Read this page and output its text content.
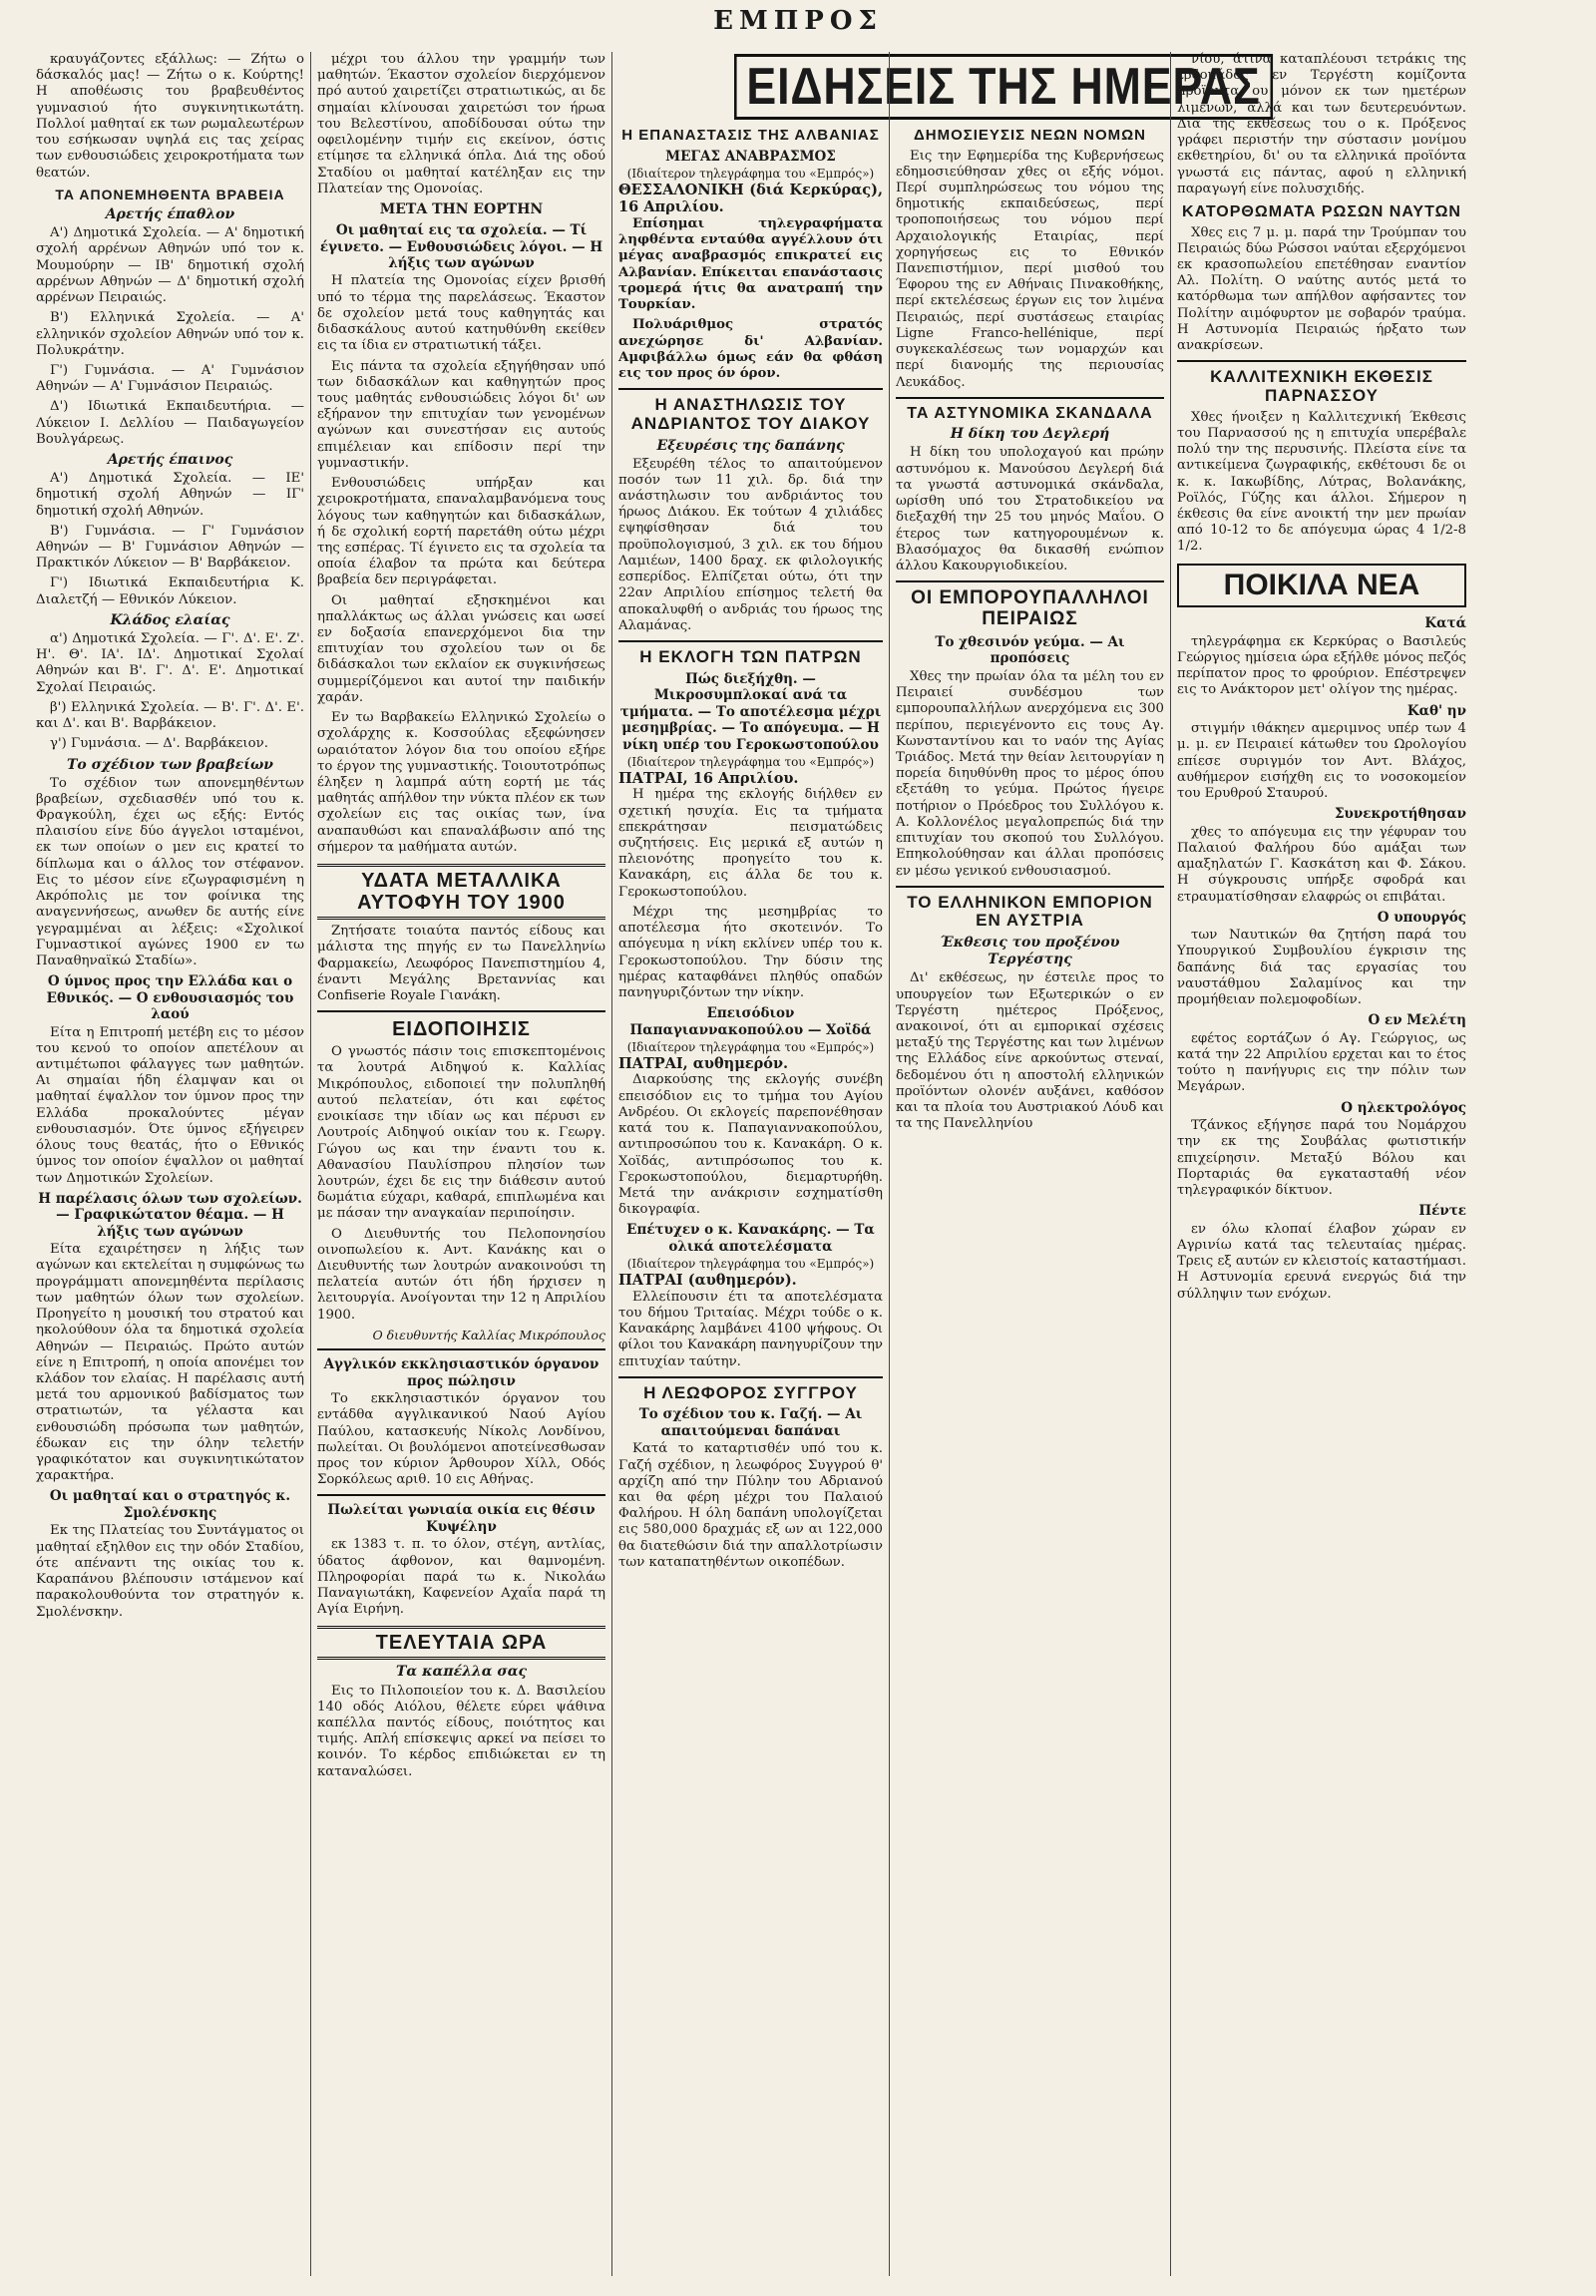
ΕΜΠΡΟΣ
ΕΙΔΗΣΕΙΣ ΤΗΣ ΗΜΕΡΑΣ

κραυγάζοντες εξάλλως: — Ζήτω ο δάσκαλός μας! — Ζήτω ο κ. Κούρτης! Η αποθέωσις του βραβευθέντος γυμνασιού ήτο συγκινητικωτάτη. Πολλοί μαθηταί εκ των ρωμαλεωτέρων του εσήκωσαν υψηλά εις τας χείρας των ενθουσιώδεις χειροκροτήματα των θεατών.

ΤΑ ΑΠΟΝΕΜΗΘΕΝΤΑ ΒΡΑΒΕΙΑ
Αρετής έπαθλον

Α') Δημοτικά Σχολεία. — Α' δημοτική σχολή αρρένων Αθηνών υπό τον κ. Μουμούρην — ΙΒ' δημοτική σχολή αρρένων Αθηνών — Δ' δημοτική σχολή αρρένων Πειραιώς.

Β') Ελληνικά Σχολεία. — Α' ελληνικόν σχολείον Αθηνών υπό τον κ. Πολυκράτην.

Γ') Γυμνάσια. — Α' Γυμνάσιον Αθηνών — Α' Γυμνάσιον Πειραιώς.

Δ') Ιδιωτικά Εκπαιδευτήρια. — Λύκειον Ι. Δελλίου — Παιδαγωγείον Βουλγάρεως.

Αρετής έπαινος

Α') Δημοτικά Σχολεία. — ΙΕ' δημοτική σχολή Αθηνών — ΙΓ' δημοτική σχολή Αθηνών.

Β') Γυμνάσια. — Γ' Γυμνάσιον Αθηνών — Β' Γυμνάσιον Αθηνών — Πρακτικόν Λύκειον — Β' Βαρβάκειον.

Γ') Ιδιωτικά Εκπαιδευτήρια Κ. Διαλετζή — Εθνικόν Λύκειον.

Κλάδος ελαίας

α') Δημοτικά Σχολεία. — Γ'. Δ'. Ε'. Ζ'. Η'. Θ'. ΙΑ'. ΙΔ'. Δημοτικαί Σχολαί Αθηνών και Β'. Γ'. Δ'. Ε'. Δημοτικαί Σχολαί Πειραιώς.

β') Ελληνικά Σχολεία. — Β'. Γ'. Δ'. Ε'. και Δ'. και Β'. Βαρβάκειον.

γ') Γυμνάσια. — Δ'. Βαρβάκειον.

Το σχέδιον των βραβείων

Το σχέδιον των απονεμηθέντων βραβείων, σχεδιασθέν υπό του κ. Φραγκούλη, έχει ως εξής: Εντός πλαισίου είνε δύο άγγελοι ισταμένοι, εκ των οποίων ο μεν εις κρατεί το δίπλωμα και ο άλλος τον στέφανον. Εις το μέσον είνε εζωγραφισμένη η Ακρόπολις με τον φοίνικα της αναγεννήσεως, ανωθεν δε αυτής είνε γεγραμμέναι αι λέξεις: «Σχολικοί Γυμναστικοί αγώνες 1900 εν τω Παναθηναϊκώ Σταδίω».

Ο ύμνος προς την Ελλάδα και ο Εθνικός. — Ο ενθουσιασμός του λαού

Είτα η Επιτροπή μετέβη εις το μέσον του κενού το οποίον απετέλουν αι αντιμέτωποι φάλαγγες των μαθητών. Αι σημαίαι ήδη έλαμψαν και οι μαθηταί έψαλλον τον ύμνον προς την Ελλάδα προκαλούντες μέγαν ενθουσιασμόν. Ότε ύμνος εξήγειρεν όλους τους θεατάς, ήτο ο Εθνικός ύμνος τον οποίον έψαλλον οι μαθηταί των Δημοτικών Σχολείων.

Η παρέλασις όλων των σχολείων. — Γραφικώτατον θέαμα. — Η λήξις των αγώνων

Είτα εχαιρέτησεν η λήξις των αγώνων και εκτελείται η συμφώνως τω προγράμματι απονεμηθέντα περίλασις των μαθητών όλων των σχολείων. Προηγείτο η μουσική του στρατού και ηκολούθουν όλα τα δημοτικά σχολεία Αθηνών — Πειραιώς. Πρώτο αυτών είνε η Επιτροπή, η οποία απονέμει τον κλάδον τον ελαίας. Η παρέλασις αυτή μετά του αρμονικού βαδίσματος των στρατιωτών, τα γέλαστα και ενθουσιώδη πρόσωπα των μαθητών, έδωκαν εις την όλην τελετήν γραφικότατον και συγκινητικώτατον χαρακτήρα.

Οι μαθηταί και ο στρατηγός κ. Σμολένσκης

Εκ της Πλατείας του Συντάγματος οι μαθηταί εξηλθον εις την οδόν Σταδίου, ότε απέναντι της οικίας του κ. Καραπάνου βλέπουσιν ιστάμενον καί παρακολουθούντα τον στρατηγόν κ. Σμολένσκην.

μέχρι του άλλου την γραμμήν των μαθητών. Έκαστον σχολείον διερχόμενον πρό αυτού χαιρετίζει στρατιωτικώς, αι δε σημαίαι κλίνουσαι χαιρετώσι τον ήρωα του Βελεστίνου, αποδίδουσαι ούτω την οφειλομένην τιμήν εις εκείνον, όστις ετίμησε τα ελληνικά όπλα. Διά της οδού Σταδίου οι μαθηταί κατέληξαν εις την Πλατείαν της Ομονοίας.

ΜΕΤΑ ΤΗΝ ΕΟΡΤΗΝ
Οι μαθηταί εις τα σχολεία. — Τί έγινετο. — Ενθουσιώδεις λόγοι. — Η λήξις των αγώνων

Η πλατεία της Ομονοίας είχεν βρισθή υπό το τέρμα της παρελάσεως. Έκαστον δε σχολείον μετά τους καθηγητάς και διδασκάλους αυτού κατηυθύνθη εκείθεν εις τα ίδια εν στρατιωτική τάξει.

Εις πάντα τα σχολεία εξηγήθησαν υπό των διδασκάλων και καθηγητών προς τους μαθητάς ενθουσιώδεις λόγοι δι' ων εξήρανον την επιτυχίαν των γενομένων αγώνων και συνεστήσαν εις αυτούς επιμέλειαν και επίδοσιν περί την γυμναστικήν.

Ενθουσιώδεις υπήρξαν και χειροκροτήματα, επαναλαμβανόμενα τους λόγους των καθηγητών και διδασκάλων, ή δε σχολική εορτή παρετάθη ούτω μέχρι της εσπέρας. Τί έγινετο εις τα σχολεία τα οποία έλαβον τα πρώτα και δεύτερα βραβεία δεν περιγράφεται.

Οι μαθηταί εξησκημένοι και ηπαλλάκτως ως άλλαι γνώσεις και ωσεί εν δοξασία επανερχόμενοι δια την επιτυχίαν του σχολείου των οι δε διδάσκαλοι των εκλαίον εκ συγκινήσεως συμμερίζόμενοι και αυτοί την παιδικήν χαράν.

Εν τω Βαρβακείω Ελληνικώ Σχολείω ο σχολάρχης κ. Κοσσούλας εξεφώνησεν ωραιότατον λόγον δια του οποίου εξήρε το έργον της γυμναστικής. Τοιουτοτρόπως έληξεν η λαμπρά αύτη εορτή με τάς μαθητάς απήλθον την νύκτα πλέον εκ των σχολείων εις τας οικίας των, ίνα αναπαυθώσι και επαναλάβωσιν από της σήμερον τα μαθήματα αυτών.

ΥΔΑΤΑ ΜΕΤΑΛΛΙΚΑ ΑΥΤΟΦΥΗ ΤΟΥ 1900

Ζητήσατε τοιαύτα παντός είδους και μάλιστα της πηγής εν τω Πανελληνίω Φαρμακείω, Λεωφόρος Πανεπιστημίου 4, έναντι Μεγάλης Βρεταννίας και Confiserie Royale Γιανάκη.

ΕΙΔΟΠΟΙΗΣΙΣ

Ο γνωστός πάσιν τοις επισκεπτομένοις τα λουτρά Αιδηψού κ. Καλλίας Μικρόπουλος, ειδοποιεί την πολυπληθή αυτού πελατείαν, ότι και εφέτος ενοικίασε την ιδίαν ως και πέρυσι εν Λουτροίς Αιδηψού οικίαν του κ. Γεωργ. Γώγου ως και την έναντι του κ. Αθανασίου Παυλίσπρου πλησίον των λουτρών, έχει δε εις την διάθεσιν αυτού δωμάτια εύχαρι, καθαρά, επιπλωμένα και με πάσαν την αναγκαίαν περιποίησιν.

Ο Διευθυντής του Πελοπονησίου οινοπωλείου κ. Αντ. Κανάκης και ο Διευθυντής των λουτρών ανακοινούσι τη πελατεία αυτών ότι ήδη ήρχισεν η λειτουργία. Ανοίγονται την 12 η Απριλίου 1900.

Ο διευθυντής Καλλίας Μικρόπουλος
Αγγλικόν εκκλησιαστικόν όργανον προς πώλησιν

Το εκκλησιαστικόν όργανον του εντάδθα αγγλικανικού Ναού Αγίου Παύλου, κατασκευής Νίκολς Λονδίνου, πωλείται. Οι βουλόμενοι αποτείνεσθωσαν προς τον κύριον Άρθουρον Χίλλ, Οδός Σορκόλεως αριθ. 10 εις Αθήνας.

Πωλείται γωνιαία οικία εις θέσιν Κυψέλην

εκ 1383 τ. π. το όλον, στέγη, αντλίας, ύδατος άφθονον, και θαμνομένη. Πληροφορίαι παρά τω κ. Νικολάω Παναγιωτάκη, Καφενείον Αχαΐα παρά τη Αγία Ειρήνη.

ΤΕΛΕΥΤΑΙΑ ΩΡΑ
Τα καπέλλα σας

Εις το Πιλοποιείον του κ. Δ. Βασιλείου 140 οδός Αιόλου, θέλετε εύρει ψάθινα καπέλλα παντός είδους, ποιότητος και τιμής. Απλή επίσκεψις αρκεί να πείσει το κοινόν. Το κέρδος επιδιώκεται εν τη καταναλώσει.

Η ΕΠΑΝΑΣΤΑΣΙΣ ΤΗΣ ΑΛΒΑΝΙΑΣ
ΜΕΓΑΣ ΑΝΑΒΡΑΣΜΟΣ
(Ιδιαίτερον τηλεγράφημα του «Εμπρός»)
ΘΕΣΣΑΛΟΝΙΚΗ (διά Κερκύρας), 16 Απριλίου.

Επίσημαι τηλεγραφήματα ληφθέντα ενταύθα αγγέλλουν ότι μέγας αναβρασμός επικρατεί εις Αλβανίαν. Επίκειται επανάστασις τρομερά ήτις θα ανατραπή την Τουρκίαν.

Πολυάριθμος στρατός ανεχώρησε δι' Αλβανίαν. Αμφιβάλλω όμως εάν θα φθάση εις τον προς όν όρον.

Η ΑΝΑΣΤΗΛΩΣΙΣ ΤΟΥ ΑΝΔΡΙΑΝΤΟΣ ΤΟΥ ΔΙΑΚΟΥ
Εξευρέσις της δαπάνης

Εξευρέθη τέλος το απαιτούμενον ποσόν των 11 χιλ. δρ. διά την ανάστηλωσιν του ανδριάντος του ήρωος Διάκου. Εκ τούτων 4 χιλιάδες εψηφίσθησαν διά του προϋπολογισμού, 3 χιλ. εκ του δήμου Λαμιέων, 1400 δραχ. εκ φιλολογικής εσπερίδος. Ελπίζεται ούτω, ότι την 22αν Απριλίου επίσημος τελετή θα αποκαλυφθή ο ανδριάς του ήρωος της Αλαμάνας.

Η ΕΚΛΟΓΗ ΤΩΝ ΠΑΤΡΩΝ
Πώς διεξήχθη. — Μικροσυμπλοκαί ανά τα τμήματα. — Το αποτέλεσμα μέχρι μεσημβρίας. — Το απόγευμα. — Η νίκη υπέρ του Γεροκωστοπούλου
(Ιδιαίτερον τηλεγράφημα του «Εμπρός»)
ΠΑΤΡΑΙ, 16 Απριλίου.

Η ημέρα της εκλογής διήλθεν εν σχετική ησυχία. Εις τα τμήματα επεκράτησαν πεισματώδεις συζητήσεις. Εις μερικά εξ αυτών η πλειονότης προηγείτο του κ. Κανακάρη, εις άλλα δε του κ. Γεροκωστοπούλου.

Μέχρι της μεσημβρίας το αποτέλεσμα ήτο σκοτεινόν. Το απόγευμα η νίκη εκλίνεν υπέρ του κ. Γεροκωστοπούλου. Την δύσιν της ημέρας καταφθάνει πληθύς οπαδών πανηγυριζόντων την νίκην.

Επεισόδιον Παπαγιαννακοπούλου — Χοϊδά
(Ιδιαίτερον τηλεγράφημα του «Εμπρός»)
ΠΑΤΡΑΙ, αυθημερόν.

Διαρκούσης της εκλογής συνέβη επεισόδιον εις το τμήμα του Αγίου Ανδρέου. Οι εκλογείς παρεπονέθησαν κατά του κ. Παπαγιαννακοπούλου, αντιπροσώπου του κ. Κανακάρη. Ο κ. Χοϊδάς, αντιπρόσωπος του κ. Γεροκωστοπούλου, διεμαρτυρήθη. Μετά την ανάκρισιν εσχηματίσθη δικογραφία.

Επέτυχεν ο κ. Κανακάρης. — Τα ολικά αποτελέσματα
(Ιδιαίτερον τηλεγράφημα του «Εμπρός»)
ΠΑΤΡΑΙ (αυθημερόν).

Ελλείπουσιν έτι τα αποτελέσματα του δήμου Τριταίας. Μέχρι τούδε ο κ. Κανακάρης λαμβάνει 4100 ψήφους. Οι φίλοι του Κανακάρη πανηγυρίζουν την επιτυχίαν ταύτην.

Η ΛΕΩΦΟΡΟΣ ΣΥΓΓΡΟΥ
Το σχέδιον του κ. Γαζή. — Αι απαιτούμεναι δαπάναι

Κατά το καταρτισθέν υπό του κ. Γαζή σχέδιον, η λεωφόρος Συγγρού θ' αρχίζη από την Πύλην του Αδριανού και θα φέρη μέχρι του Παλαιού Φαλήρου. Η όλη δαπάνη υπολογίζεται εις 580,000 δραχμάς εξ ων αι 122,000 θα διατεθώσιν διά την απαλλοτρίωσιν των καταπατηθέντων οικοπέδων.

ΔΗΜΟΣΙΕΥΣΙΣ ΝΕΩΝ ΝΟΜΩΝ

Εις την Εφημερίδα της Κυβερνήσεως εδημοσιεύθησαν χθες οι εξής νόμοι. Περί συμπληρώσεως του νόμου της δημοτικής εκπαιδεύσεως, περί τροποποιήσεως του νόμου περί Αρχαιολογικής Εταιρίας, περί χορηγήσεως εις το Εθνικόν Πανεπιστήμιον, περί μισθού του Έφορου της εν Αθήναις Πινακοθήκης, περί εκτελέσεως έργων εις τον λιμένα Πειραιώς, περί συστάσεως εταιρίας Ligne Franco-hellénique, περί συγκεκαλέσεως των νομαρχών και περί διανομής της περιουσίας Λευκάδος.

ΤΑ ΑΣΤΥΝΟΜΙΚΑ ΣΚΑΝΔΑΛΑ
Η δίκη του Δεγλερή

Η δίκη του υπολοχαγού και πρώην αστυνόμου κ. Μανούσου Δεγλερή διά τα γνωστά αστυνομικά σκάνδαλα, ωρίσθη υπό του Στρατοδικείου να διεξαχθή την 25 του μηνός Μαΐου. Ο έτερος των κατηγορουμένων κ. Βλασόμαχος θα δικασθή ενώπιον άλλου Κακουργιοδικείου.

ΟΙ ΕΜΠΟΡΟΥΠΑΛΛΗΛΟΙ ΠΕΙΡΑΙΩΣ
Το χθεσινόν γεύμα. — Αι προπόσεις

Χθες την πρωίαν όλα τα μέλη του εν Πειραιεί συνδέσμου των εμπορουπαλλήλων ανερχόμενα εις 300 περίπου, περιεγένοντο εις τους Αγ. Κωνσταντίνου και το ναόν της Αγίας Τριάδος. Μετά την θείαν λειτουργίαν η πορεία διηυθύνθη προς το μέρος όπου εξετάθη το γεύμα. Πρώτος ήγειρε ποτήριον ο Πρόεδρος του Συλλόγου κ. Α. Κολλονέλος μεγαλοπρεπώς διά την επιτυχίαν του σκοπού του Συλλόγου. Επηκολούθησαν και άλλαι προπόσεις εν μέσω γενικού ενθουσιασμού.

ΤΟ ΕΛΛΗΝΙΚΟΝ ΕΜΠΟΡΙΟΝ ΕΝ ΑΥΣΤΡΙΑ
Έκθεσις του προξένου Τεργέστης

Δι' εκθέσεως, ην έστειλε προς το υπουργείον των Εξωτερικών ο εν Τεργέστη ημέτερος Πρόξενος, ανακοινοί, ότι αι εμπορικαί σχέσεις μεταξύ της Τεργέστης και των λιμένων της Ελλάδος είνε αρκούντως στεναί, δεδομένου ότι η αποστολή ελληνικών προϊόντων ολονέν αυξάνει, καθόσον και τα πλοία του Αυστριακού Λόυδ και τα της Πανελληνίου

νίου, άτινα καταπλέουσι τετράκις της εβδομάδος εν Τεργέστη κομίζοντα προϊόντα ου μόνον εκ των ημετέρων λιμένων, αλλά και των δευτερευόντων. Διά της εκθέσεως του ο κ. Πρόξενος γράφει περιστήν την σύστασιν μονίμου εκθετηρίου, δι' ου τα ελληνικά προϊόντα γνωστά εις πάντας, αφού η ελληνική παραγωγή είνε πολυσχιδής.

ΚΑΤΟΡΘΩΜΑΤΑ ΡΩΣΩΝ ΝΑΥΤΩΝ

Χθες εις 7 μ. μ. παρά την Τρούμπαν του Πειραιώς δύω Ρώσσοι ναύται εξερχόμενοι εκ κρασοπωλείου επετέθησαν εναντίον Αλ. Πολίτη. Ο ναύτης αυτός μετά το κατόρθωμα των απήλθον αφήσαντες τον Πολίτην αιμόφυρτον με σοβαρόν τραύμα. Η Αστυνομία Πειραιώς ήρξατο των ανακρίσεων.

ΚΑΛΛΙΤΕΧΝΙΚΗ ΕΚΘΕΣΙΣ ΠΑΡΝΑΣΣΟΥ

Χθες ήνοιξεν η Καλλιτεχνική Έκθεσις του Παρνασσού ης η επιτυχία υπερέβαλε πολύ την της περυσινής. Πλείστα είνε τα αντικείμενα ζωγραφικής, εκθέτουσι δε οι κ. κ. Ιακωβίδης, Λύτρας, Βολανάκης, Ροϊλός, Γύζης και άλλοι. Σήμερον η έκθεσις θα είνε ανοικτή την μεν πρωίαν από 10-12 το δε απόγευμα ώρας 4 1/2-8 1/2.

ΠΟΙΚΙΛΑ ΝΕΑ
Κατά

τηλεγράφημα εκ Κερκύρας ο Βασιλεύς Γεώργιος ημίσεια ώρα εξήλθε μόνος πεζός περίπατον προς το φρούριον. Επέστρεψεν εις το Ανάκτορον μετ' ολίγον της ημέρας.

Καθ' ην

στιγμήν ιθάκηεν αμεριμνος υπέρ των 4 μ. μ. εν Πειραιεί κάτωθεν του Ωρολογίου επίεσε συριγμόν τον Αντ. Βλάχος, αυθήμερον εισήχθη εις το νοσοκομείον του Ερυθρού Σταυρού.

Συνεκροτήθησαν

χθες το απόγευμα εις την γέφυραν του Παλαιού Φαλήρου δύο αμάξαι των αμαξηλατών Γ. Κασκάτση και Φ. Σάκου. Η σύγκρουσις υπήρξε σφοδρά και ετραυματίσθησαν ελαφρώς οι επιβάται.

Ο υπουργός

των Ναυτικών θα ζητήση παρά του Υπουργικού Συμβουλίου έγκρισιν της δαπάνης διά τας εργασίας του ναυστάθμου Σαλαμίνος και την προμήθειαν πολεμοφοδίων.

Ο εν Μελέτη

εφέτος εορτάζων ό Αγ. Γεώργιος, ως κατά την 22 Απριλίου ερχεται και το έτος τούτο η πανήγυρις εις την πόλιν των Μεγάρων.

Ο ηλεκτρολόγος

Τζάνκος εξήγησε παρά του Νομάρχου την εκ της Σουβάλας φωτιστικήν επιχείρησιν. Μεταξύ Βόλου και Πορταριάς θα εγκατασταθή νέον τηλεγραφικόν δίκτυον.

Πέντε

εν όλω κλοπαί έλαβον χώραν εν Αγρινίω κατά τας τελευταίας ημέρας. Τρεις εξ αυτών εν κλειστοίς καταστήμασι. Η Αστυνομία ερευνά ενεργώς διά την σύλληψιν των ενόχων.
